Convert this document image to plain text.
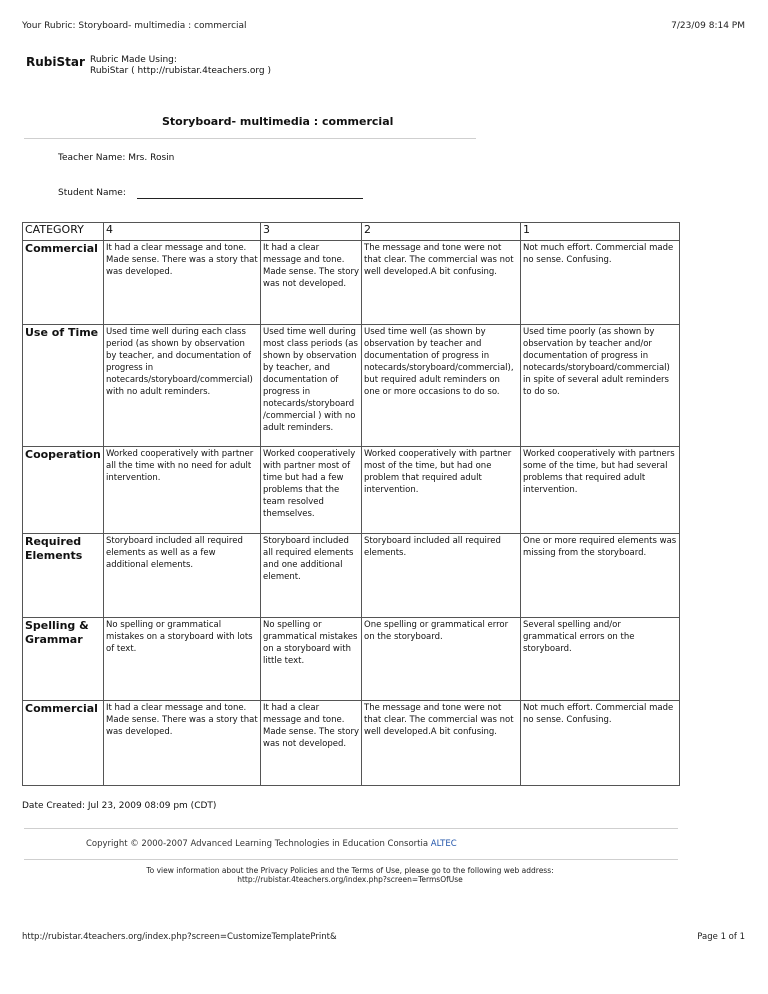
Your Rubric: Storyboard- multimedia : commercial	7/23/09 8:14 PM
RubiStar Rubric Made Using:
RubiStar ( http://rubistar.4teachers.org )
Storyboard- multimedia : commercial
Teacher Name: Mrs. Rosin
Student Name:
CATEGORY	4	3	2	1
Commercial	It had a clear message and tone. Made sense. There was a story that was developed.	It had a clear message and tone. Made sense. The story was not developed.	The message and tone were not that clear. The commercial was not well developed.A bit confusing.	Not much effort. Commercial made no sense. Confusing.
Use of Time	Used time well during each class period (as shown by observation by teacher, and documentation of progress in notecards/storyboard/commercial) with no adult reminders.	Used time well during most class periods (as shown by observation by teacher, and documentation of progress in notecards/storyboard /commercial ) with no adult reminders.	Used time well (as shown by observation by teacher and documentation of progress in notecards/storyboard/commercial), but required adult reminders on one or more occasions to do so.	Used time poorly (as shown by observation by teacher and/or documentation of progress in notecards/storyboard/commercial) in spite of several adult reminders to do so.
Cooperation	Worked cooperatively with partner all the time with no need for adult intervention.	Worked cooperatively with partner most of time but had a few problems that the team resolved themselves.	Worked cooperatively with partner most of the time, but had one problem that required adult intervention.	Worked cooperatively with partners some of the time, but had several problems that required adult intervention.
Required Elements	Storyboard included all required elements as well as a few additional elements.	Storyboard included all required elements and one additional element.	Storyboard included all required elements.	One or more required elements was missing from the storyboard.
Spelling & Grammar	No spelling or grammatical mistakes on a storyboard with lots of text.	No spelling or grammatical mistakes on a storyboard with little text.	One spelling or grammatical error on the storyboard.	Several spelling and/or grammatical errors on the storyboard.
Commercial	It had a clear message and tone. Made sense. There was a story that was developed.	It had a clear message and tone. Made sense. The story was not developed.	The message and tone were not that clear. The commercial was not well developed.A bit confusing.	Not much effort. Commercial made no sense. Confusing.
Date Created: Jul 23, 2009 08:09 pm (CDT)
Copyright © 2000-2007 Advanced Learning Technologies in Education Consortia ALTEC
To view information about the Privacy Policies and the Terms of Use, please go to the following web address:
http://rubistar.4teachers.org/index.php?screen=TermsOfUse
http://rubistar.4teachers.org/index.php?screen=CustomizeTemplatePrint&	Page 1 of 1
